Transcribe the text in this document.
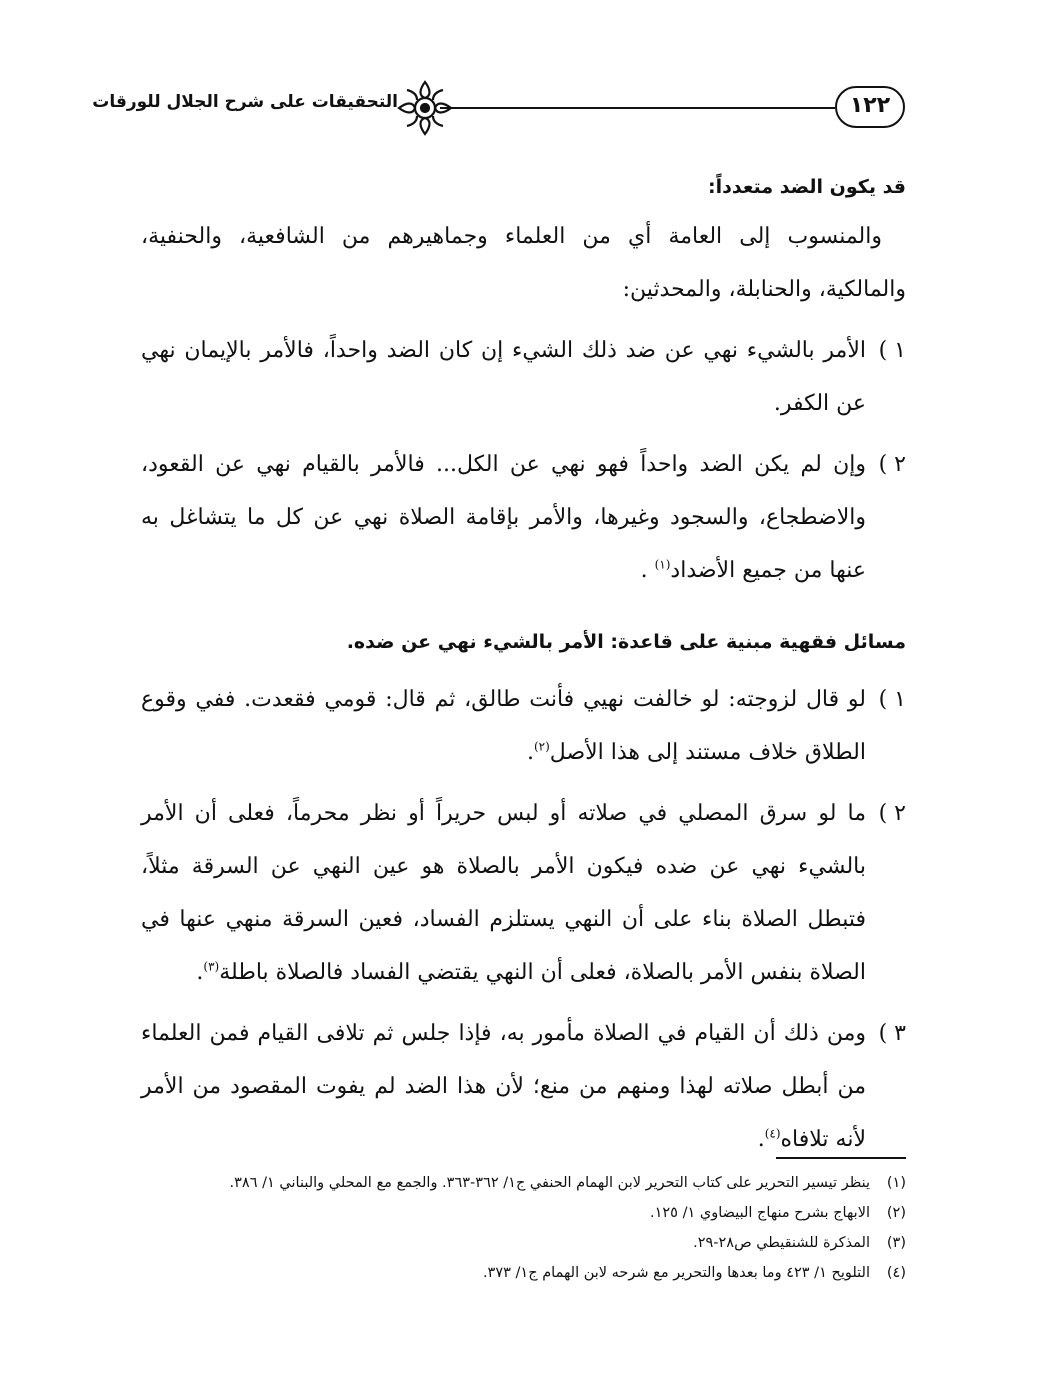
١٢٢
التحقيقات على شرح الجلال للورقات
قد يكون الضد متعدداً:

والمنسوب إلى العامة أي من العلماء وجماهيرهم من الشافعية، والحنفية، والمالكية، والحنابلة، والمحدثين:

١ )الأمر بالشيء نهي عن ضد ذلك الشيء إن كان الضد واحداً، فالأمر بالإيمان نهي عن الكفر.

٢ )وإن لم يكن الضد واحداً فهو نهي عن الكل... فالأمر بالقيام نهي عن القعود، والاضطجاع، والسجود وغيرها، والأمر بإقامة الصلاة نهي عن كل ما يتشاغل به عنها من جميع الأضداد$^{(١)}$ .

مسائل فقهية مبنية على قاعدة: الأمر بالشيء نهي عن ضده.

١ )لو قال لزوجته: لو خالفت نهيي فأنت طالق، ثم قال: قومي فقعدت. ففي وقوع الطلاق خلاف مستند إلى هذا الأصل$^{(٢)}$.

٢ )ما لو سرق المصلي في صلاته أو لبس حريراً أو نظر محرماً، فعلى أن الأمر بالشيء نهي عن ضده فيكون الأمر بالصلاة هو عين النهي عن السرقة مثلاً، فتبطل الصلاة بناء على أن النهي يستلزم الفساد، فعين السرقة منهي عنها في الصلاة بنفس الأمر بالصلاة، فعلى أن النهي يقتضي الفساد فالصلاة باطلة$^{(٣)}$.

٣ )ومن ذلك أن القيام في الصلاة مأمور به، فإذا جلس ثم تلافى القيام فمن العلماء من أبطل صلاته لهذا ومنهم من منع؛ لأن هذا الضد لم يفوت المقصود من الأمر لأنه تلافاه$^{(٤)}$.

(١)ينظر تيسير التحرير على كتاب التحرير لابن الهمام الحنفي ج١/ ٣٦٢-٣٦٣. والجمع مع المحلي والبناني ١/ ٣٨٦.
(٢)الابهاج بشرح منهاج البيضاوي ١/ ١٢٥.
(٣)المذكرة للشنقيطي ص٢٨-٢٩.
(٤)التلويح ١/ ٤٢٣ وما بعدها والتحرير مع شرحه لابن الهمام ج١/ ٣٧٣.
